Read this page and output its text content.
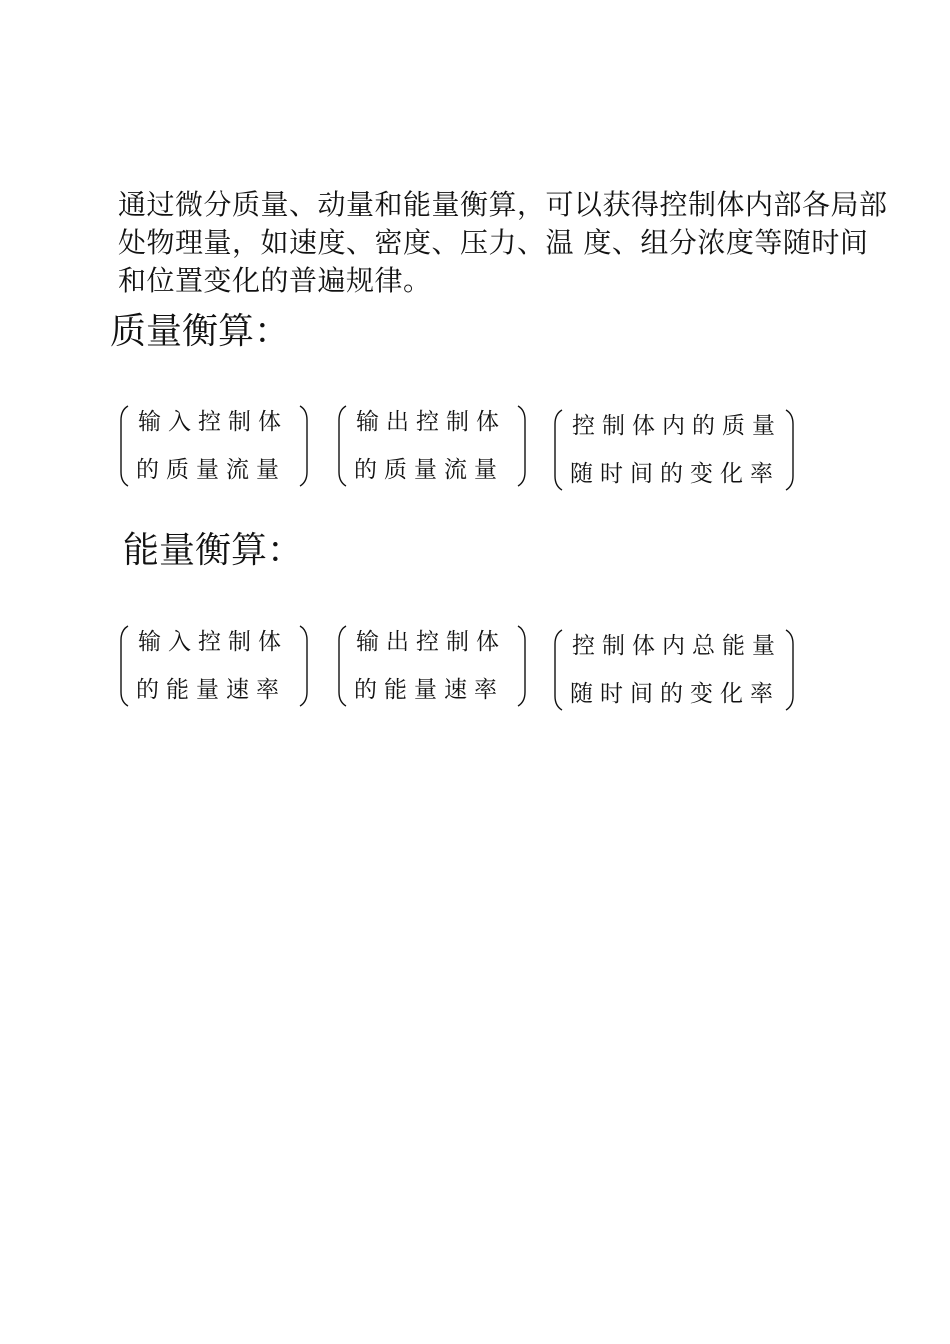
通过微分质量、动量和能量衡算，可以获得控制体内部各局部
处物理量，如速度、密度、压力、温 度、组分浓度等随时间
和位置变化的普遍规律。
质量衡算：
输入控制体
的质量流量
输出控制体
的质量流量
控制体内的质量
随时间的变化率
能量衡算：
输入控制体
的能量速率
输出控制体
的能量速率
控制体内总能量
随时间的变化率
